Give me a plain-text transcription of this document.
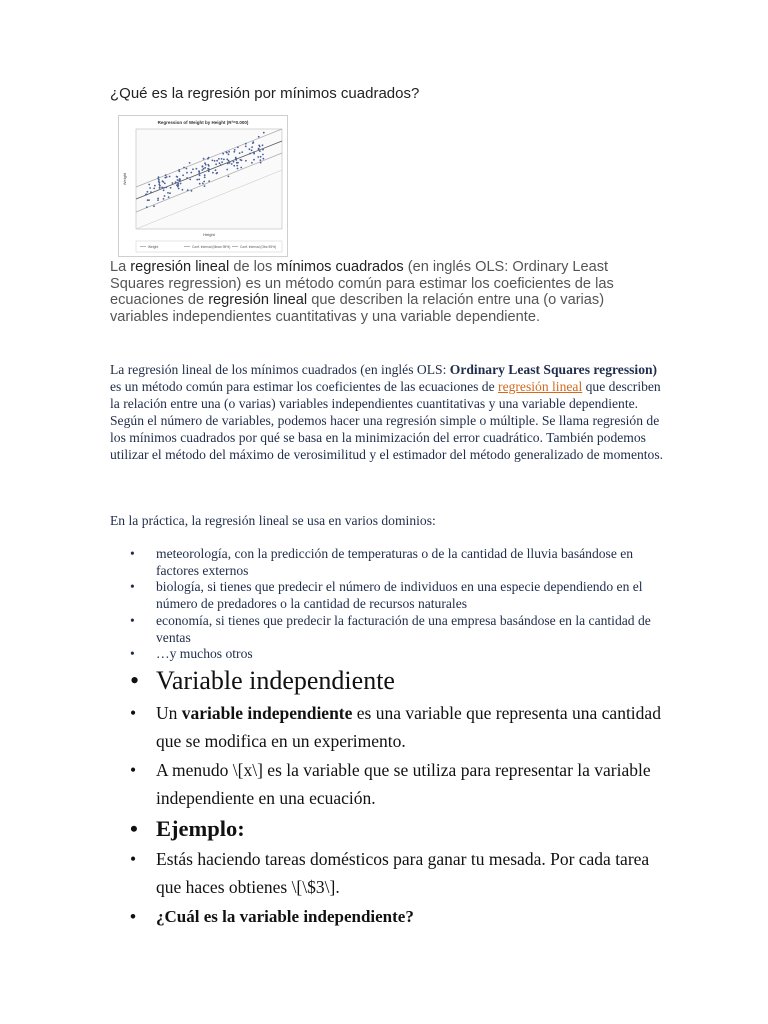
¿Qué es la regresión por mínimos cuadrados?
Regression of Weight by Height (R²=0.000)
Height
Weight
Weight	Conf. interval (Mean 95%)	Conf. interval (Obs 95%)
La regresión lineal de los mínimos cuadrados (en inglés OLS: Ordinary Least Squares regression) es un método común para estimar los coeficientes de las ecuaciones de regresión lineal que describen la relación entre una (o varias) variables independientes cuantitativas y una variable dependiente.
La regresión lineal de los mínimos cuadrados (en inglés OLS: Ordinary Least Squares regression) es un método común para estimar los coeficientes de las ecuaciones de regresión lineal que describen la relación entre una (o varias) variables independientes cuantitativas y una variable dependiente. Según el número de variables, podemos hacer una regresión simple o múltiple. Se llama regresión de los mínimos cuadrados por qué se basa en la minimización del error cuadrático. También podemos utilizar el método del máximo de verosimilitud y el estimador del método generalizado de momentos.
En la práctica, la regresión lineal se usa en varios dominios:
• meteorología, con la predicción de temperaturas o de la cantidad de lluvia basándose en factores externos
• biología, si tienes que predecir el número de individuos en una especie dependiendo en el número de predadores o la cantidad de recursos naturales
• economía, si tienes que predecir la facturación de una empresa basándose en la cantidad de ventas
• …y muchos otros
• Variable independiente
• Un variable independiente es una variable que representa una cantidad que se modifica en un experimento.
• A menudo \[x\] es la variable que se utiliza para representar la variable independiente en una ecuación.
• Ejemplo:
• Estás haciendo tareas domésticos para ganar tu mesada. Por cada tarea que haces obtienes \[\$3\].
• ¿Cuál es la variable independiente?
